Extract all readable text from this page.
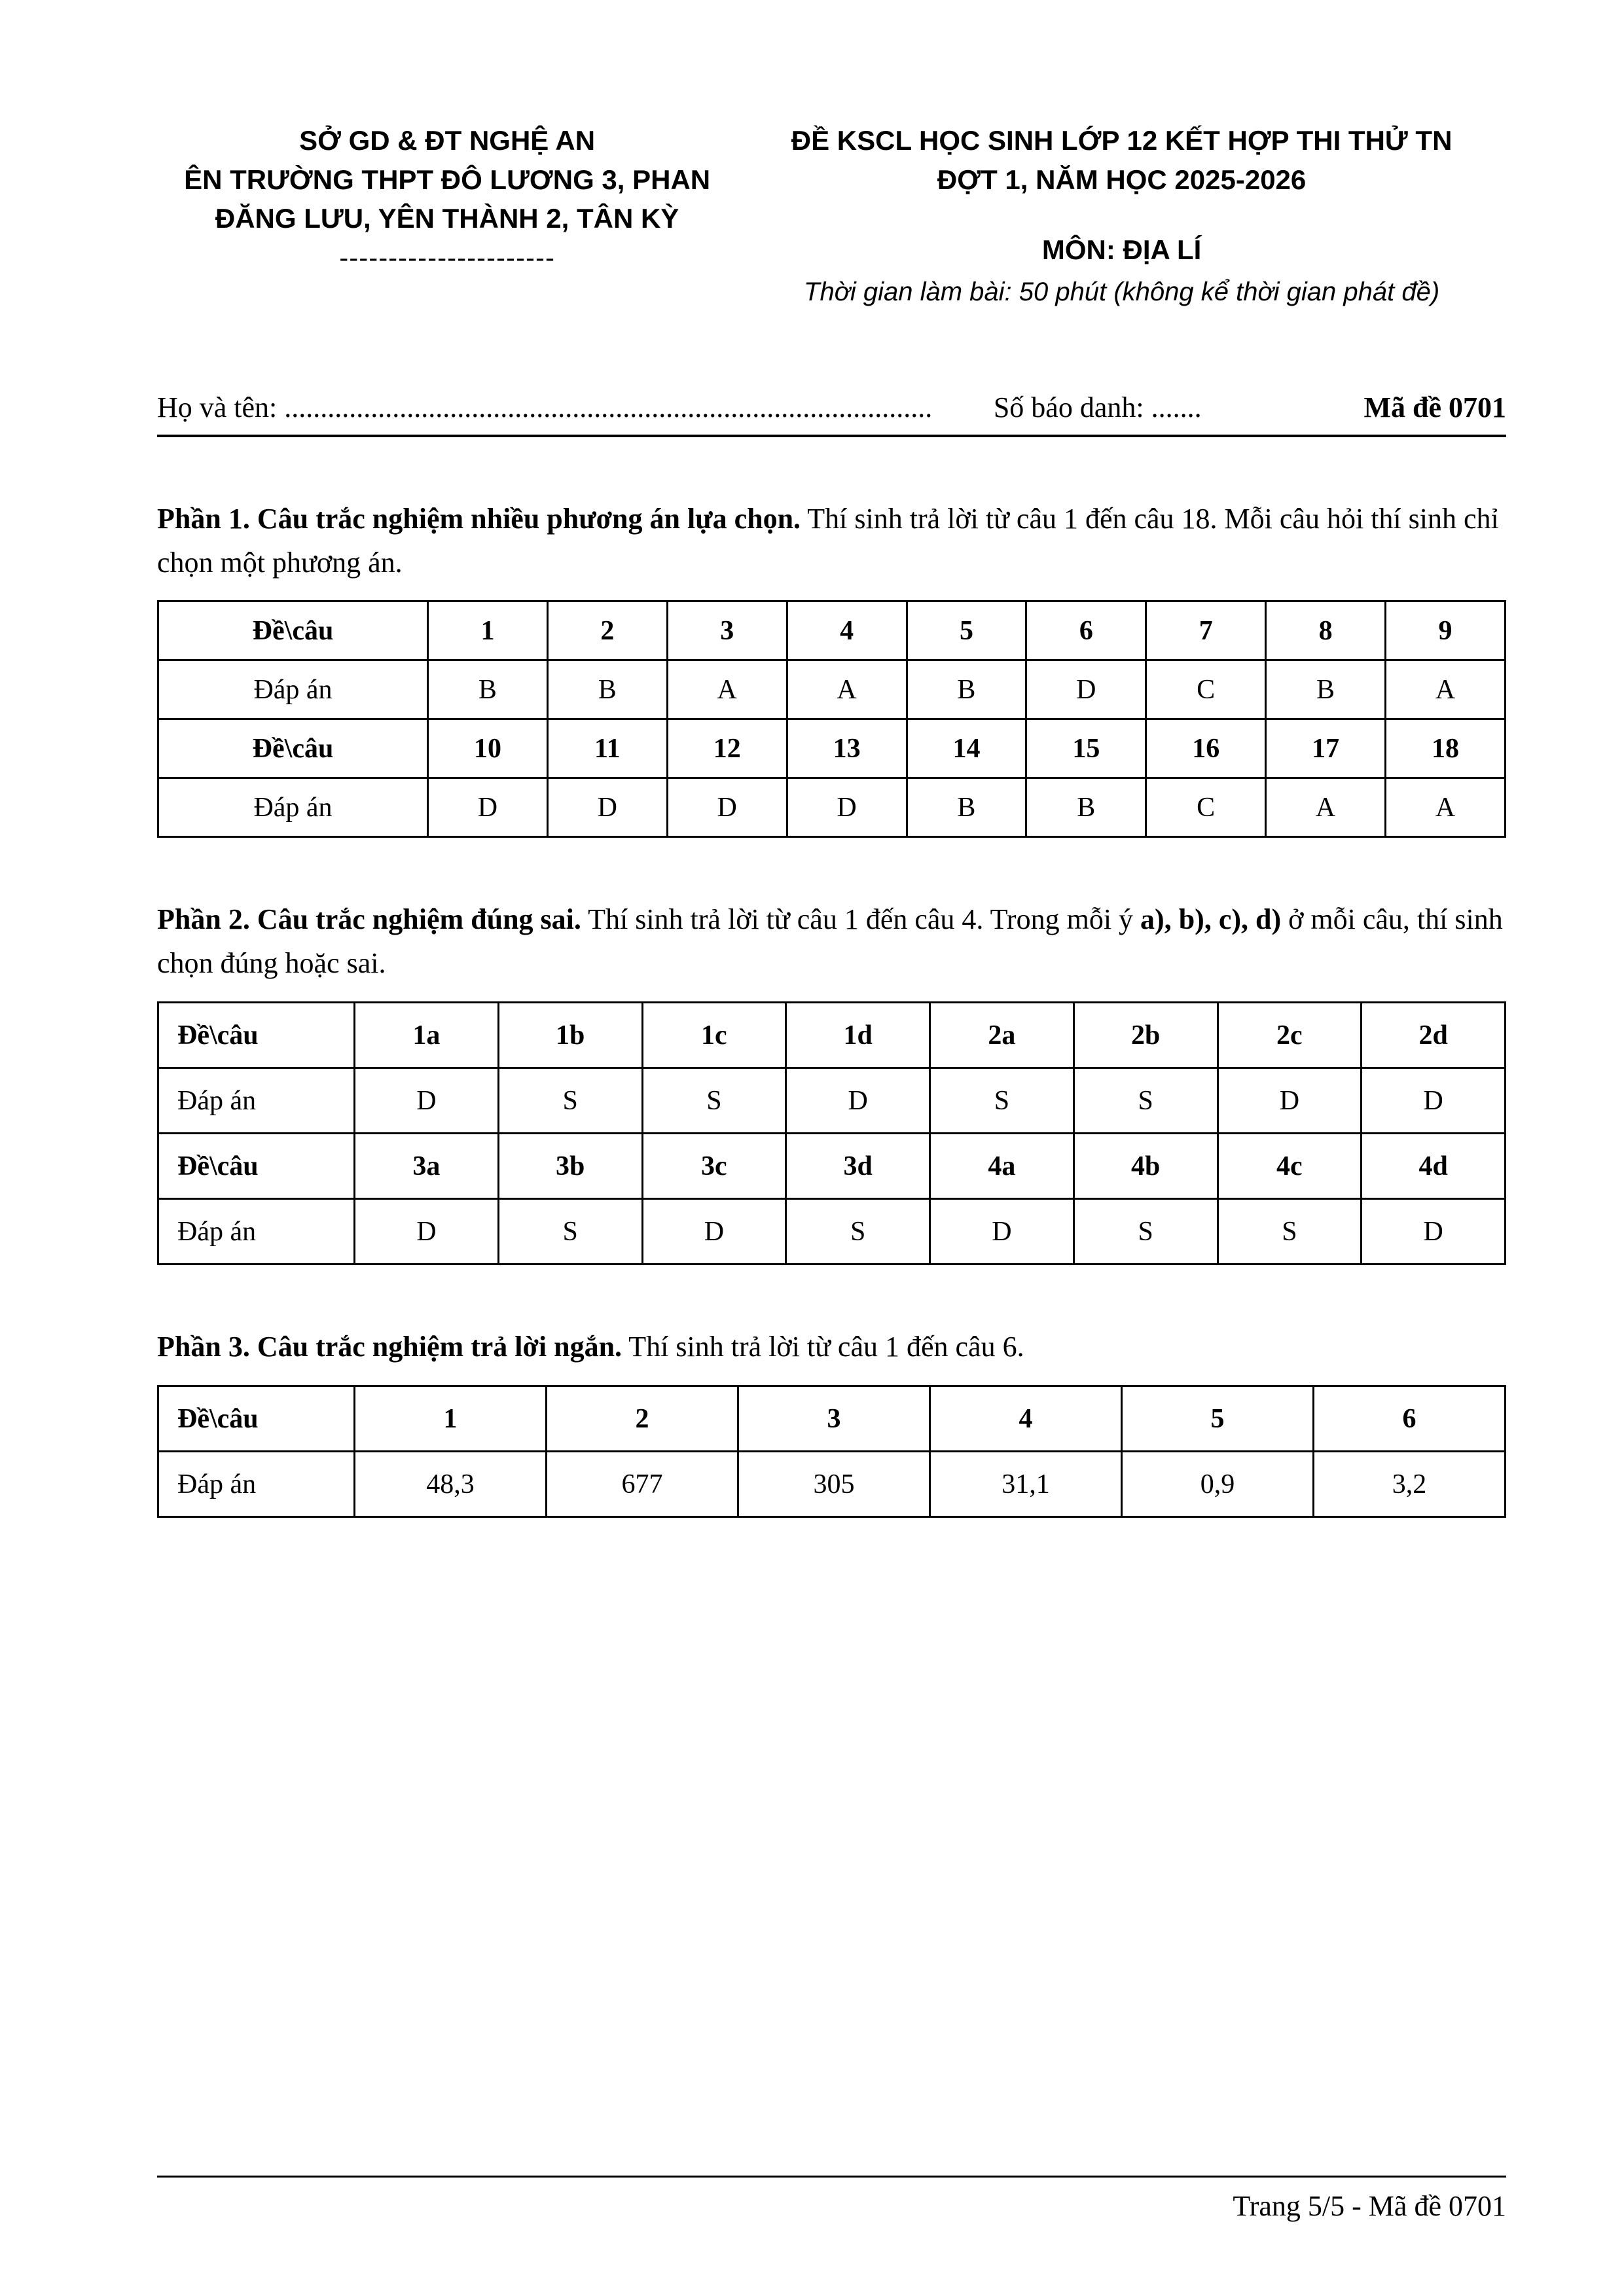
SỞ GD & ĐT NGHỆ AN
ÊN TRƯỜNG THPT ĐÔ LƯƠNG 3, PHAN
ĐĂNG LƯU, YÊN THÀNH 2, TÂN KỲ
----------------------
ĐỀ KSCL HỌC SINH LỚP 12 KẾT HỢP THI THỬ TN
ĐỢT 1, NĂM HỌC 2025-2026
MÔN: ĐỊA LÍ
Thời gian làm bài: 50 phút (không kể thời gian phát đề)
Họ và tên: ..........................................................................................	Số báo danh: .......	Mã đề 0701

Phần 1. Câu trắc nghiệm nhiều phương án lựa chọn. Thí sinh trả lời từ câu 1 đến câu 18. Mỗi câu hỏi thí sinh chỉ chọn một phương án.

Đề\câu	1	2	3	4	5	6	7	8	9
Đáp án	B	B	A	A	B	D	C	B	A
Đề\câu	10	11	12	13	14	15	16	17	18
Đáp án	D	D	D	D	B	B	C	A	A

Phần 2. Câu trắc nghiệm đúng sai. Thí sinh trả lời từ câu 1 đến câu 4. Trong mỗi ý a), b), c), d) ở mỗi câu, thí sinh chọn đúng hoặc sai.

Đề\câu	1a	1b	1c	1d	2a	2b	2c	2d
Đáp án	D	S	S	D	S	S	D	D
Đề\câu	3a	3b	3c	3d	4a	4b	4c	4d
Đáp án	D	S	D	S	D	S	S	D

Phần 3. Câu trắc nghiệm trả lời ngắn. Thí sinh trả lời từ câu 1 đến câu 6.

Đề\câu	1	2	3	4	5	6
Đáp án	48,3	677	305	31,1	0,9	3,2
Trang 5/5 - Mã đề 0701
